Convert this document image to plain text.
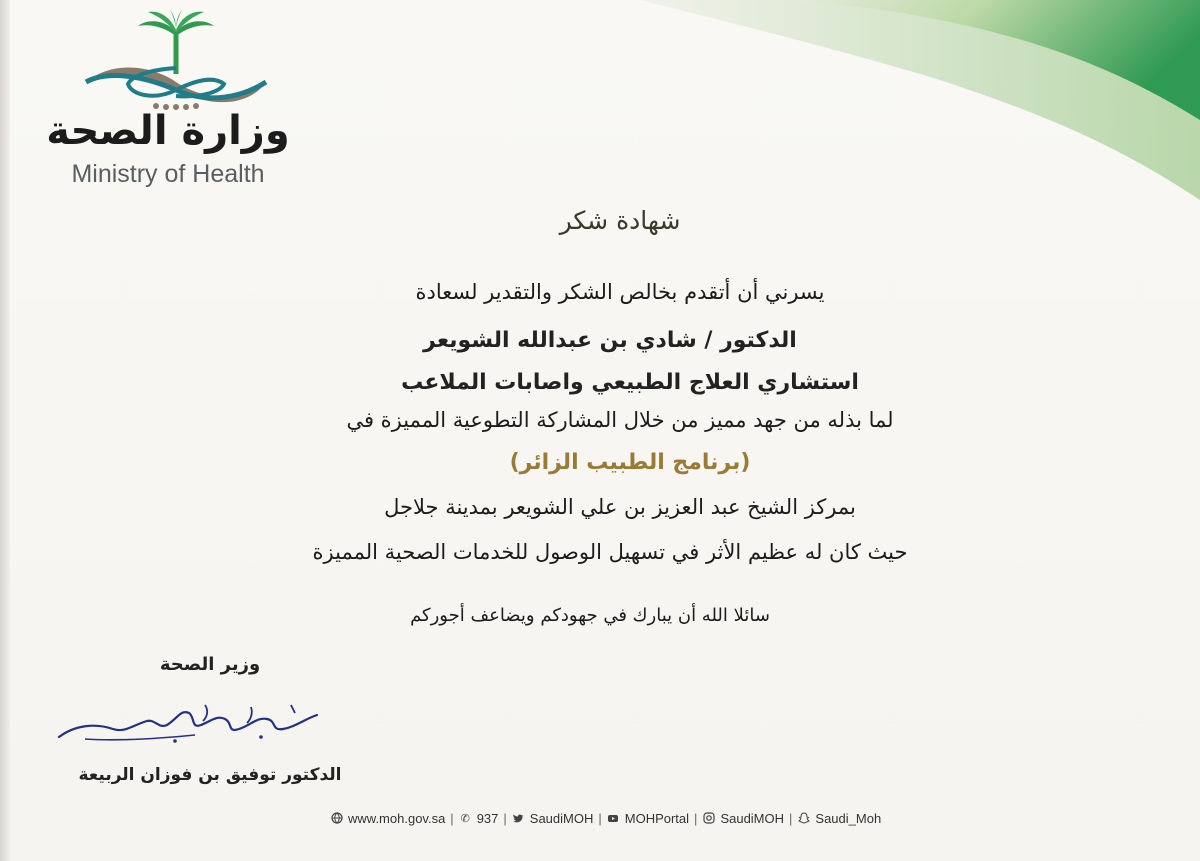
وزارة الصحة
Ministry of Health
شهادة شكر
يسرني أن أتقدم بخالص الشكر والتقدير لسعادة
الدكتور / شادي بن عبدالله الشويعر
استشاري العلاج الطبيعي واصابات الملاعب
لما بذله من جهد مميز من خلال المشاركة التطوعية المميزة في
(برنامج الطبيب الزائر)
بمركز الشيخ عبد العزيز بن علي الشويعر بمدينة جلاجل
حيث كان له عظيم الأثر في تسهيل الوصول للخدمات الصحية المميزة
سائلا الله أن يبارك في جهودكم ويضاعف أجوركم
وزير الصحة
الدكتور توفيق بن فوزان الربيعة
www.moh.gov.sa | ✆ 937 | SaudiMOH | MOHPortal | SaudiMOH | Saudi_Moh
